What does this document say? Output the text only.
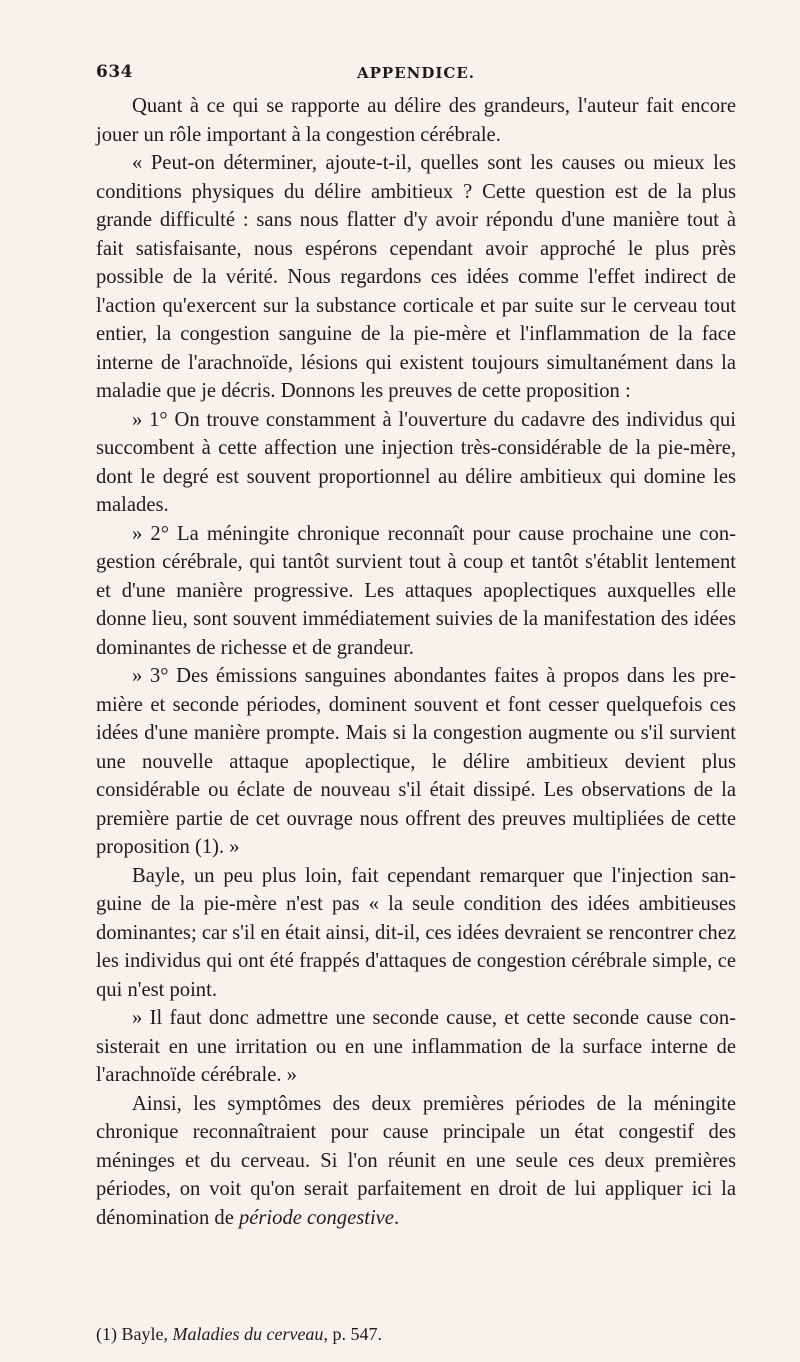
634	APPENDICE.

Quant à ce qui se rapporte au délire des grandeurs, l'auteur fait encore jouer un rôle important à la congestion cérébrale.

« Peut-on déterminer, ajoute-t-il, quelles sont les causes ou mieux les conditions physiques du délire ambitieux ? Cette question est de la plus grande difficulté : sans nous flatter d'y avoir répondu d'une manière tout à fait satisfaisante, nous espérons cependant avoir approché le plus près possible de la vérité. Nous regardons ces idées comme l'effet indirect de l'action qu'exercent sur la substance corticale et par suite sur le cerveau tout entier, la congestion sanguine de la pie-mère et l'inflammation de la face interne de l'arachnoïde, lésions qui existent toujours simultanément dans la maladie que je décris. Donnons les preuves de cette proposition :

» 1° On trouve constamment à l'ouverture du cadavre des individus qui succombent à cette affection une injection très-considérable de la pie-mère, dont le degré est souvent proportionnel au délire ambitieux qui domine les malades.

» 2° La méningite chronique reconnaît pour cause prochaine une congestion cérébrale, qui tantôt survient tout à coup et tantôt s'établit lentement et d'une manière progressive. Les attaques apoplectiques auxquelles elle donne lieu, sont souvent immédiatement suivies de la manifestation des idées dominantes de richesse et de grandeur.

» 3° Des émissions sanguines abondantes faites à propos dans les première et seconde périodes, dominent souvent et font cesser quelquefois ces idées d'une manière prompte. Mais si la congestion augmente ou s'il survient une nouvelle attaque apoplectique, le délire ambitieux devient plus considérable ou éclate de nouveau s'il était dissipé. Les observations de la première partie de cet ouvrage nous offrent des preuves multipliées de cette proposition (1). »

Bayle, un peu plus loin, fait cependant remarquer que l'injection sanguine de la pie-mère n'est pas « la seule condition des idées ambitieuses dominantes; car s'il en était ainsi, dit-il, ces idées devraient se rencontrer chez les individus qui ont été frappés d'attaques de congestion cérébrale simple, ce qui n'est point.

» Il faut donc admettre une seconde cause, et cette seconde cause consisterait en une irritation ou en une inflammation de la surface interne de l'arachnoïde cérébrale. »

Ainsi, les symptômes des deux premières périodes de la méningite chronique reconnaîtraient pour cause principale un état congestif des méninges et du cerveau. Si l'on réunit en une seule ces deux premières périodes, on voit qu'on serait parfaitement en droit de lui appliquer ici la dénomination de période congestive.

(1) Bayle, Maladies du cerveau, p. 547.
